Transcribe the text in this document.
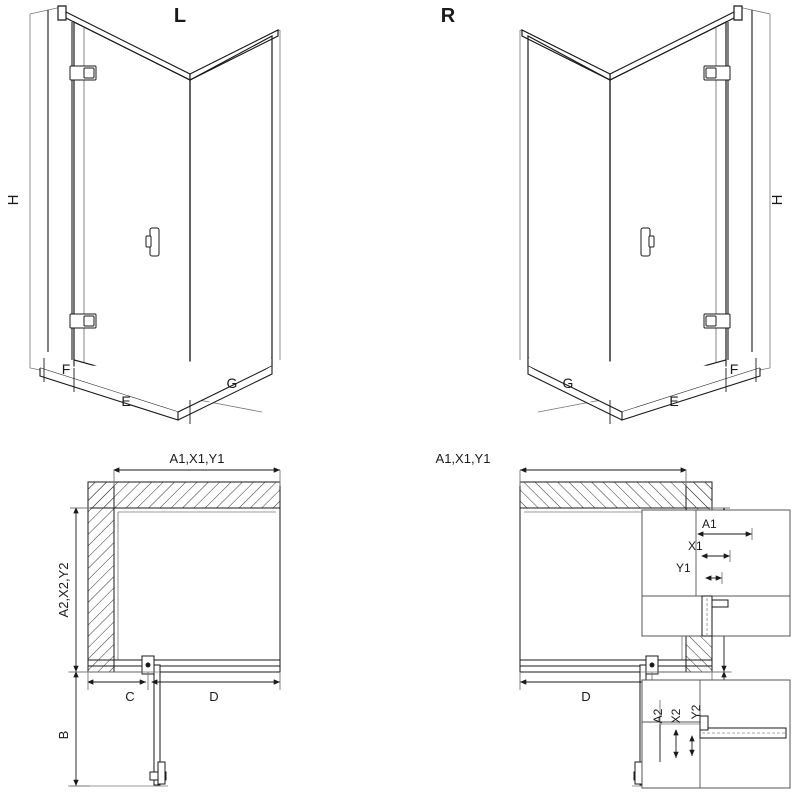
H
F
E
G
L
H
F
E
G
R
A1,X1,Y1
A2,X2,Y2
B
C	D
A1,X1,Y1
D
A1
X1
Y1
A2 X2 Y2
